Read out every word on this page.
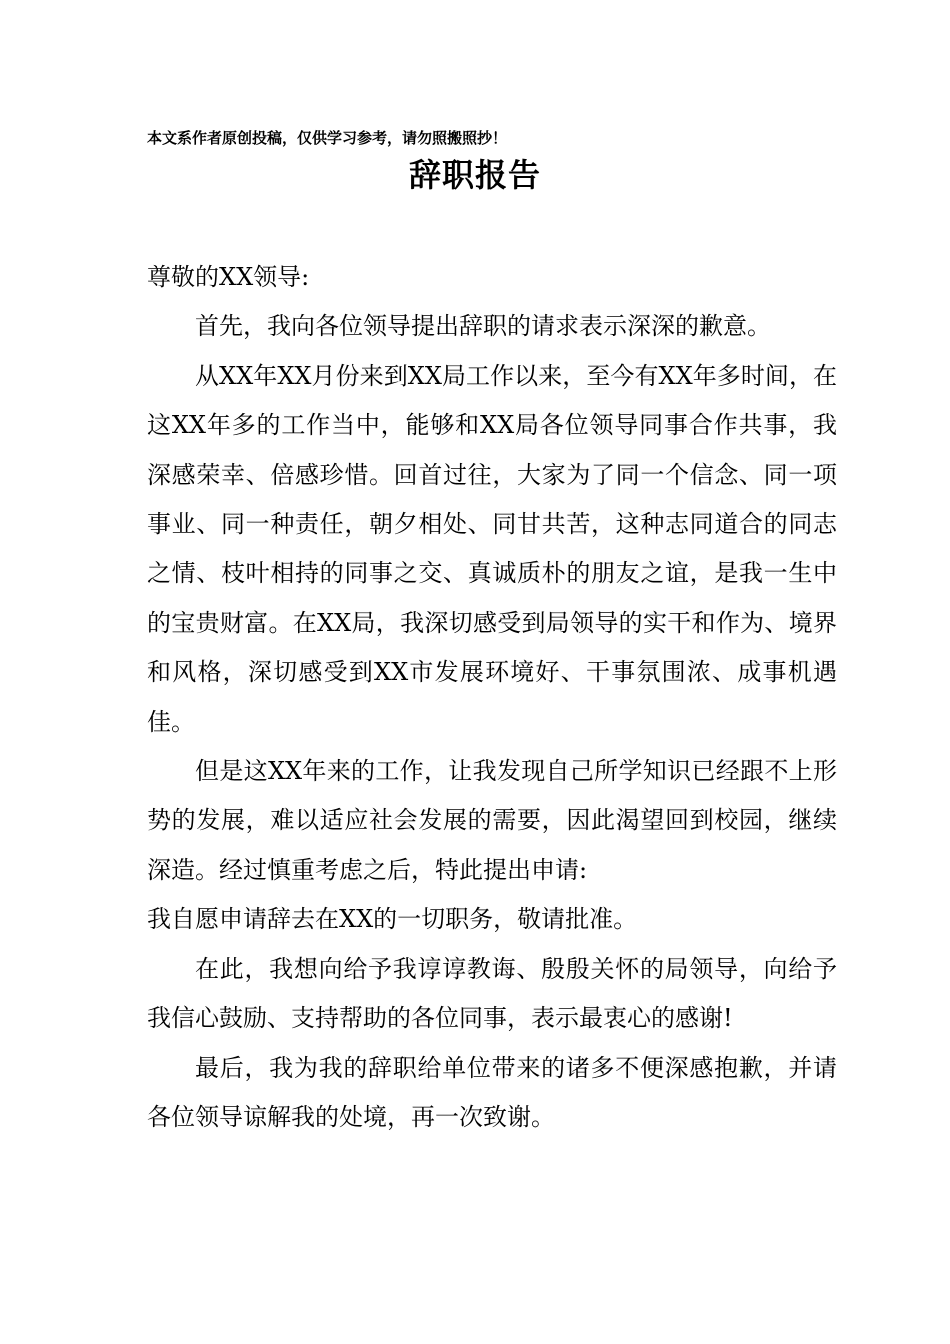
本文系作者原创投稿，仅供学习参考，请勿照搬照抄！
辞职报告

尊敬的XX领导:

首先，我向各位领导提出辞职的请求表示深深的歉意。

从XX年XX月份来到XX局工作以来，至今有XX年多时间，在这XX年多的工作当中，能够和XX局各位领导同事合作共事，我深感荣幸、倍感珍惜。回首过往，大家为了同一个信念、同一项事业、同一种责任，朝夕相处、同甘共苦，这种志同道合的同志之情、枝叶相持的同事之交、真诚质朴的朋友之谊，是我一生中的宝贵财富。在XX局，我深切感受到局领导的实干和作为、境界和风格，深切感受到XX市发展环境好、干事氛围浓、成事机遇佳。

但是这XX年来的工作，让我发现自己所学知识已经跟不上形势的发展，难以适应社会发展的需要，因此渴望回到校园，继续深造。经过慎重考虑之后，特此提出申请:

我自愿申请辞去在XX的一切职务，敬请批准。

在此，我想向给予我谆谆教诲、殷殷关怀的局领导，向给予我信心鼓励、支持帮助的各位同事，表示最衷心的感谢!

最后，我为我的辞职给单位带来的诸多不便深感抱歉，并请各位领导谅解我的处境，再一次致谢。
